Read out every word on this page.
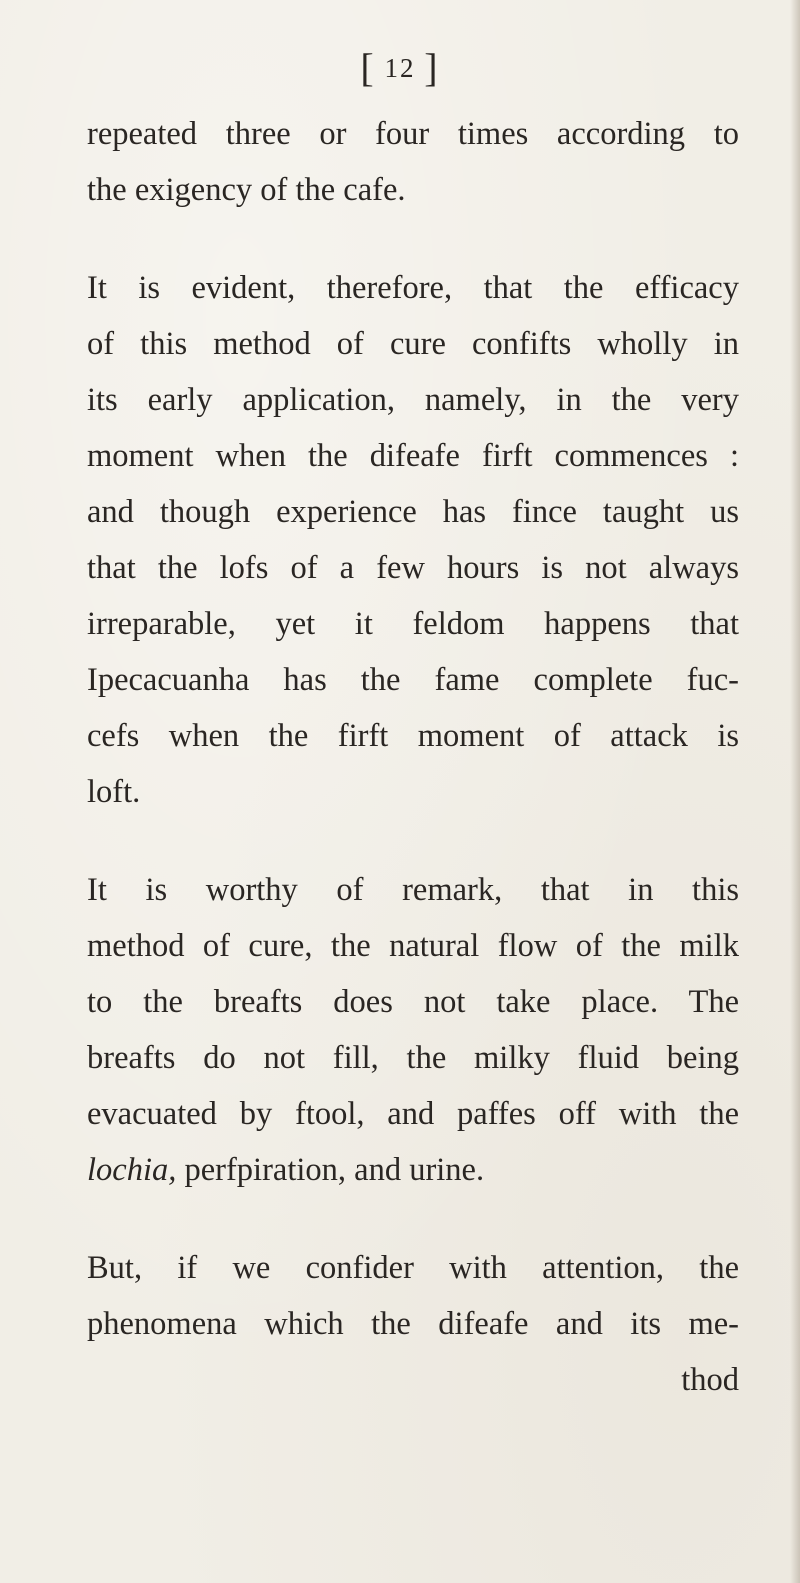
[ 12 ]
repeated three or four times according to
the exigency of the cafe.
It is evident, therefore, that the efficacy
of this method of cure confifts wholly in
its early application, namely, in the very
moment when the difeafe firft commences :
and though experience has fince taught us
that the lofs of a few hours is not always
irreparable, yet it feldom happens that
Ipecacuanha has the fame complete fuc-
cefs when the firft moment of attack is
loft.
It is worthy of remark, that in this
method of cure, the natural flow of the milk
to the breafts does not take place. The
breafts do not fill, the milky fluid being
evacuated by ftool, and paffes off with the
lochia, perfpiration, and urine.
But, if we confider with attention, the
phenomena which the difeafe and its me-
thod
